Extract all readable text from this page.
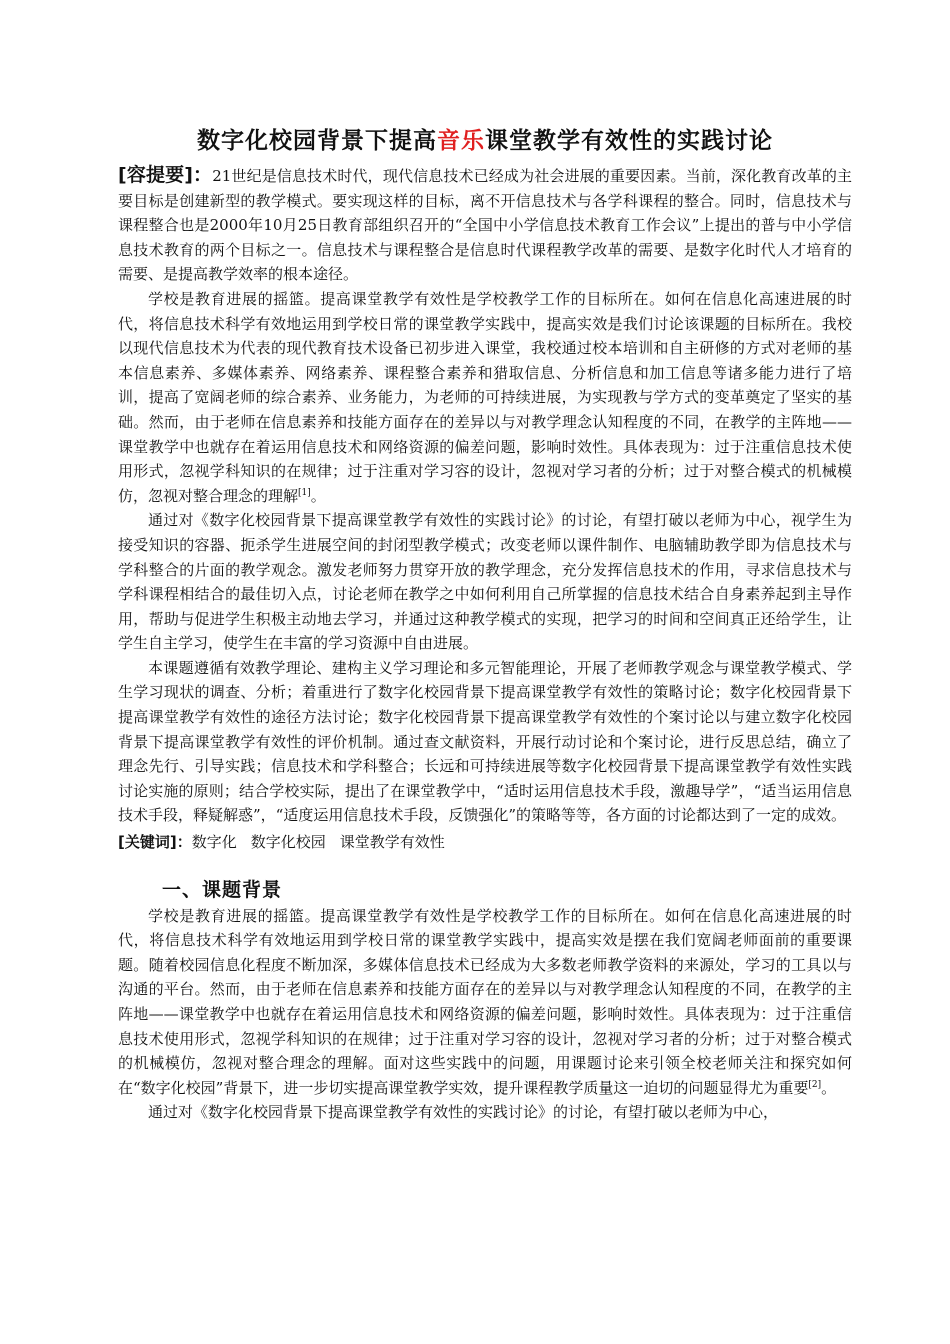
数字化校园背景下提高音乐课堂教学有效性的实践讨论

[容提要]：21世纪是信息技术时代，现代信息技术已经成为社会进展的重要因素。当前，深化教育改革的主要目标是创建新型的教学模式。要实现这样的目标，离不开信息技术与各学科课程的整合。同时，信息技术与课程整合也是2000年10月25日教育部组织召开的“全国中小学信息技术教育工作会议”上提出的普与中小学信息技术教育的两个目标之一。信息技术与课程整合是信息时代课程教学改革的需要、是数字化时代人才培育的需要、是提高教学效率的根本途径。

学校是教育进展的摇篮。提高课堂教学有效性是学校教学工作的目标所在。如何在信息化高速进展的时代，将信息技术科学有效地运用到学校日常的课堂教学实践中，提高实效是我们讨论该课题的目标所在。我校以现代信息技术为代表的现代教育技术设备已初步进入课堂，我校通过校本培训和自主研修的方式对老师的基本信息素养、多媒体素养、网络素养、课程整合素养和猎取信息、分析信息和加工信息等诸多能力进行了培训，提高了宽阔老师的综合素养、业务能力，为老师的可持续进展，为实现教与学方式的变革奠定了坚实的基础。然而，由于老师在信息素养和技能方面存在的差异以与对教学理念认知程度的不同，在教学的主阵地——课堂教学中也就存在着运用信息技术和网络资源的偏差问题，影响时效性。具体表现为：过于注重信息技术使用形式，忽视学科知识的在规律；过于注重对学习容的设计，忽视对学习者的分析；过于对整合模式的机械模仿，忽视对整合理念的理解[1]。

通过对《数字化校园背景下提高课堂教学有效性的实践讨论》的讨论，有望打破以老师为中心，视学生为接受知识的容器、扼杀学生进展空间的封闭型教学模式；改变老师以课件制作、电脑辅助教学即为信息技术与学科整合的片面的教学观念。激发老师努力贯穿开放的教学理念，充分发挥信息技术的作用，寻求信息技术与学科课程相结合的最佳切入点，讨论老师在教学之中如何利用自己所掌握的信息技术结合自身素养起到主导作用，帮助与促进学生积极主动地去学习，并通过这种教学模式的实现，把学习的时间和空间真正还给学生，让学生自主学习，使学生在丰富的学习资源中自由进展。

本课题遵循有效教学理论、建构主义学习理论和多元智能理论，开展了老师教学观念与课堂教学模式、学生学习现状的调查、分析；着重进行了数字化校园背景下提高课堂教学有效性的策略讨论；数字化校园背景下提高课堂教学有效性的途径方法讨论；数字化校园背景下提高课堂教学有效性的个案讨论以与建立数字化校园背景下提高课堂教学有效性的评价机制。通过查文献资料，开展行动讨论和个案讨论，进行反思总结，确立了理念先行、引导实践；信息技术和学科整合；长远和可持续进展等数字化校园背景下提高课堂教学有效性实践讨论实施的原则；结合学校实际，提出了在课堂教学中，“适时运用信息技术手段，激趣导学”，“适当运用信息技术手段，释疑解惑”，“适度运用信息技术手段，反馈强化”的策略等等，各方面的讨论都达到了一定的成效。

[关键词]：数字化 数字化校园 课堂教学有效性

一、课题背景

学校是教育进展的摇篮。提高课堂教学有效性是学校教学工作的目标所在。如何在信息化高速进展的时代，将信息技术科学有效地运用到学校日常的课堂教学实践中，提高实效是摆在我们宽阔老师面前的重要课题。随着校园信息化程度不断加深，多媒体信息技术已经成为大多数老师教学资料的来源处，学习的工具以与沟通的平台。然而，由于老师在信息素养和技能方面存在的差异以与对教学理念认知程度的不同，在教学的主阵地——课堂教学中也就存在着运用信息技术和网络资源的偏差问题，影响时效性。具体表现为：过于注重信息技术使用形式，忽视学科知识的在规律；过于注重对学习容的设计，忽视对学习者的分析；过于对整合模式的机械模仿，忽视对整合理念的理解。面对这些实践中的问题，用课题讨论来引领全校老师关注和探究如何在“数字化校园”背景下，进一步切实提高课堂教学实效，提升课程教学质量这一迫切的问题显得尤为重要[2]。

通过对《数字化校园背景下提高课堂教学有效性的实践讨论》的讨论，有望打破以老师为中心，
